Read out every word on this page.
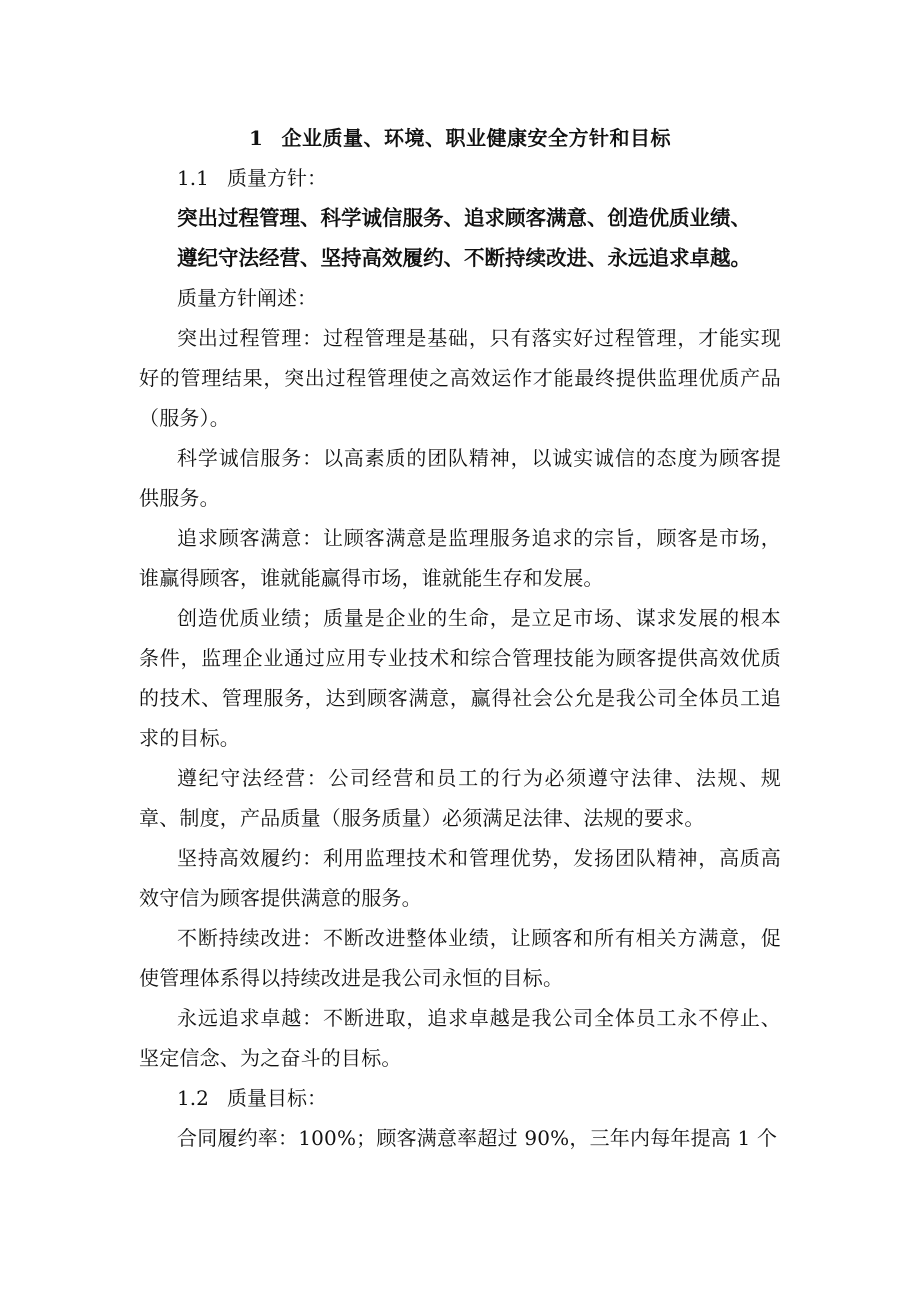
1 企业质量、环境、职业健康安全方针和目标

1.1 质量方针：

突出过程管理、科学诚信服务、追求顾客满意、创造优质业绩、

遵纪守法经营、坚持高效履约、不断持续改进、永远追求卓越。

质量方针阐述：

突出过程管理：过程管理是基础，只有落实好过程管理，才能实现好的管理结果，突出过程管理使之高效运作才能最终提供监理优质产品（服务）。

科学诚信服务：以高素质的团队精神，以诚实诚信的态度为顾客提供服务。

追求顾客满意：让顾客满意是监理服务追求的宗旨，顾客是市场，谁赢得顾客，谁就能赢得市场，谁就能生存和发展。

创造优质业绩；质量是企业的生命，是立足市场、谋求发展的根本条件，监理企业通过应用专业技术和综合管理技能为顾客提供高效优质的技术、管理服务，达到顾客满意，赢得社会公允是我公司全体员工追求的目标。

遵纪守法经营：公司经营和员工的行为必须遵守法律、法规、规章、制度，产品质量（服务质量）必须满足法律、法规的要求。

坚持高效履约：利用监理技术和管理优势，发扬团队精神，高质高效守信为顾客提供满意的服务。

不断持续改进：不断改进整体业绩，让顾客和所有相关方满意，促使管理体系得以持续改进是我公司永恒的目标。

永远追求卓越：不断进取，追求卓越是我公司全体员工永不停止、坚定信念、为之奋斗的目标。

1.2 质量目标：

合同履约率：100%；顾客满意率超过 90%，三年内每年提高 1 个
